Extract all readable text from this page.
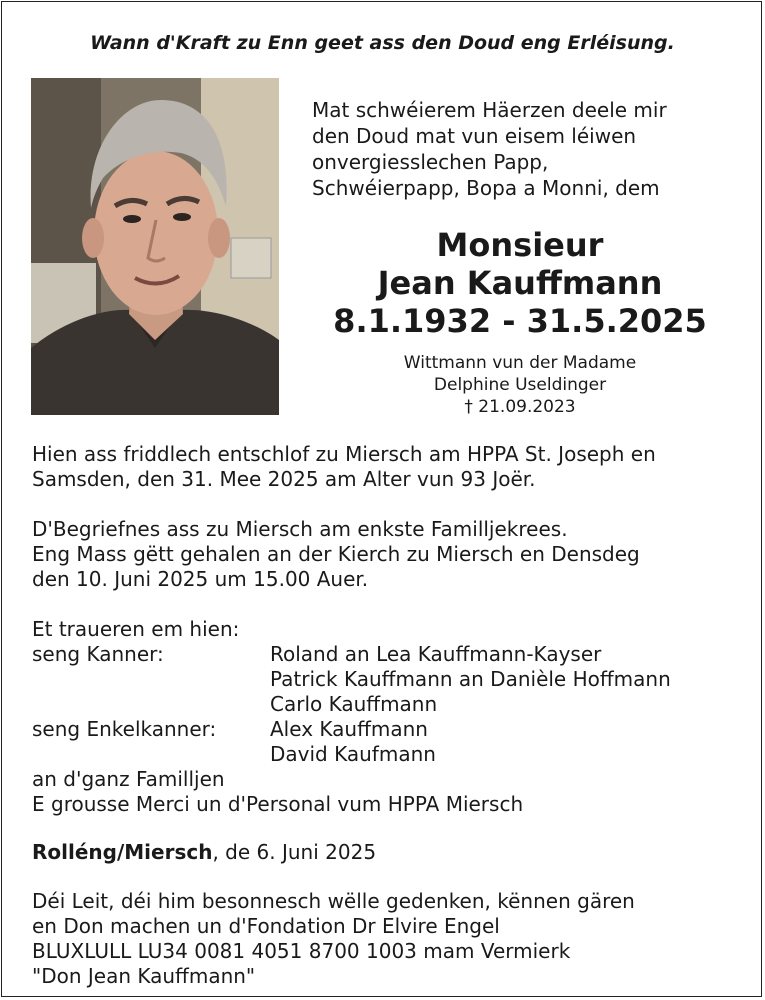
Wann d'Kraft zu Enn geet ass den Doud eng Erléisung.
Mat schwéierem Häerzen deele mir
den Doud mat vun eisem léiwen
onvergiesslechen Papp,
Schwéierpapp, Bopa a Monni, dem
Monsieur
Jean Kauffmann
8.1.1932 - 31.5.2025
Wittmann vun der Madame
Delphine Useldinger
† 21.09.2023
Hien ass friddlech entschlof zu Miersch am HPPA St. Joseph en
Samsden, den 31. Mee 2025 am Alter vun 93 Joër.
D'Begriefnes ass zu Miersch am enkste Familljekrees.
Eng Mass gëtt gehalen an der Kierch zu Miersch en Densdeg
den 10. Juni 2025 um 15.00 Auer.
Et traueren em hien:
seng Kanner:	Roland an Lea Kauffmann-Kayser
Patrick Kauffmann an Danièle Hoffmann
Carlo Kauffmann
seng Enkelkanner:	Alex Kauffmann
David Kaufmann
an d'ganz Familljen
E grousse Merci un d'Personal vum HPPA Miersch
Rolléng/Miersch, de 6. Juni 2025
Déi Leit, déi him besonnesch wëlle gedenken, kënnen gären
en Don machen un d'Fondation Dr Elvire Engel
BLUXLULL LU34 0081 4051 8700 1003 mam Vermierk
"Don Jean Kauffmann"
